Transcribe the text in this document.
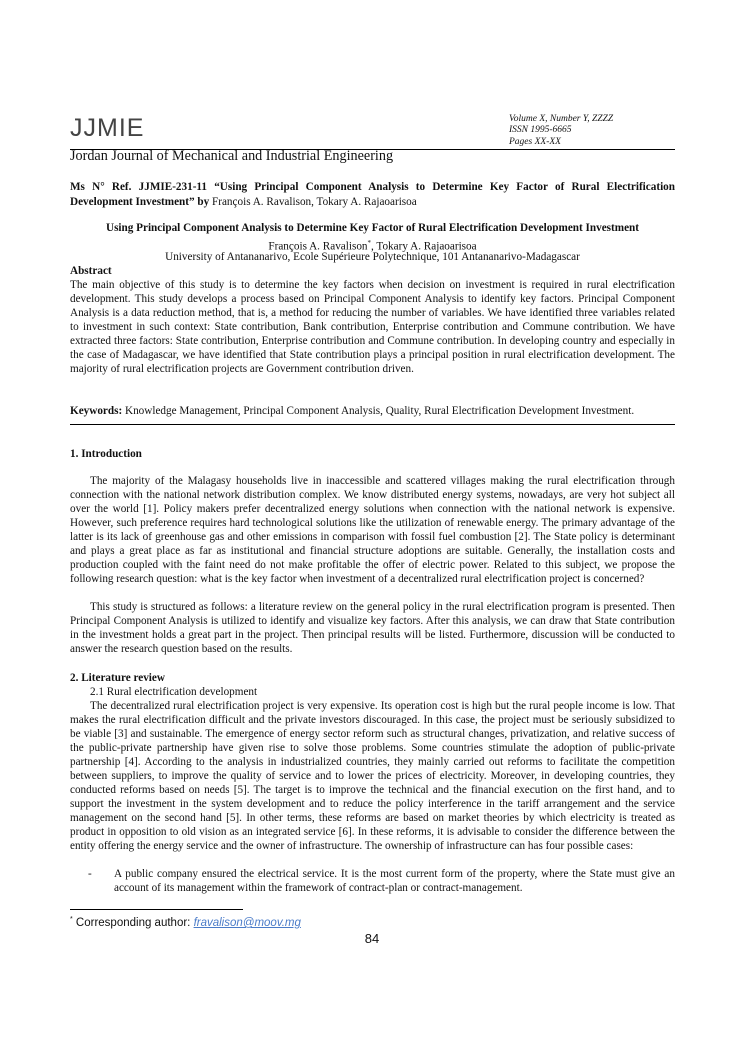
JJMIE	Volume X, Number Y, ZZZZ
ISSN 1995-6665
Pages XX-XX
Jordan Journal of Mechanical and Industrial Engineering
Ms N° Ref. JJMIE-231-11 “Using Principal Component Analysis to Determine Key Factor of Rural Electrification Development Investment” by François A. Ravalison, Tokary A. Rajaoarisoa
Using Principal Component Analysis to Determine Key Factor of Rural Electrification Development Investment
François A. Ravalison*, Tokary A. Rajaoarisoa
University of Antananarivo, Ecole Supérieure Polytechnique, 101 Antananarivo-Madagascar
Abstract
The main objective of this study is to determine the key factors when decision on investment is required in rural electrification development. This study develops a process based on Principal Component Analysis to identify key factors. Principal Component Analysis is a data reduction method, that is, a method for reducing the number of variables. We have identified three variables related to investment in such context: State contribution, Bank contribution, Enterprise contribution and Commune contribution. We have extracted three factors: State contribution, Enterprise contribution and Commune contribution. In developing country and especially in the case of Madagascar, we have identified that State contribution plays a principal position in rural electrification development. The majority of rural electrification projects are Government contribution driven.
Keywords: Knowledge Management, Principal Component Analysis, Quality, Rural Electrification Development Investment.
1. Introduction
The majority of the Malagasy households live in inaccessible and scattered villages making the rural electrification through connection with the national network distribution complex. We know distributed energy systems, nowadays, are very hot subject all over the world [1]. Policy makers prefer decentralized energy solutions when connection with the national network is expensive. However, such preference requires hard technological solutions like the utilization of renewable energy. The primary advantage of the latter is its lack of greenhouse gas and other emissions in comparison with fossil fuel combustion [2]. The State policy is determinant and plays a great place as far as institutional and financial structure adoptions are suitable. Generally, the installation costs and production coupled with the faint need do not make profitable the offer of electric power. Related to this subject, we propose the following research question: what is the key factor when investment of a decentralized rural electrification project is concerned?
This study is structured as follows: a literature review on the general policy in the rural electrification program is presented. Then Principal Component Analysis is utilized to identify and visualize key factors. After this analysis, we can draw that State contribution in the investment holds a great part in the project. Then principal results will be listed. Furthermore, discussion will be conducted to answer the research question based on the results.
2. Literature review
2.1 Rural electrification development
The decentralized rural electrification project is very expensive. Its operation cost is high but the rural people income is low. That makes the rural electrification difficult and the private investors discouraged. In this case, the project must be seriously subsidized to be viable [3] and sustainable. The emergence of energy sector reform such as structural changes, privatization, and relative success of the public-private partnership have given rise to solve those problems. Some countries stimulate the adoption of public-private partnership [4]. According to the analysis in industrialized countries, they mainly carried out reforms to facilitate the competition between suppliers, to improve the quality of service and to lower the prices of electricity. Moreover, in developing countries, they conducted reforms based on needs [5]. The target is to improve the technical and the financial execution on the first hand, and to support the investment in the system development and to reduce the policy interference in the tariff arrangement and the service management on the second hand [5]. In other terms, these reforms are based on market theories by which electricity is treated as product in opposition to old vision as an integrated service [6]. In these reforms, it is advisable to consider the difference between the entity offering the energy service and the owner of infrastructure. The ownership of infrastructure can has four possible cases:
- A public company ensured the electrical service. It is the most current form of the property, where the State must give an account of its management within the framework of contract-plan or contract-management.
* Corresponding author: fravalison@moov.mg
84
